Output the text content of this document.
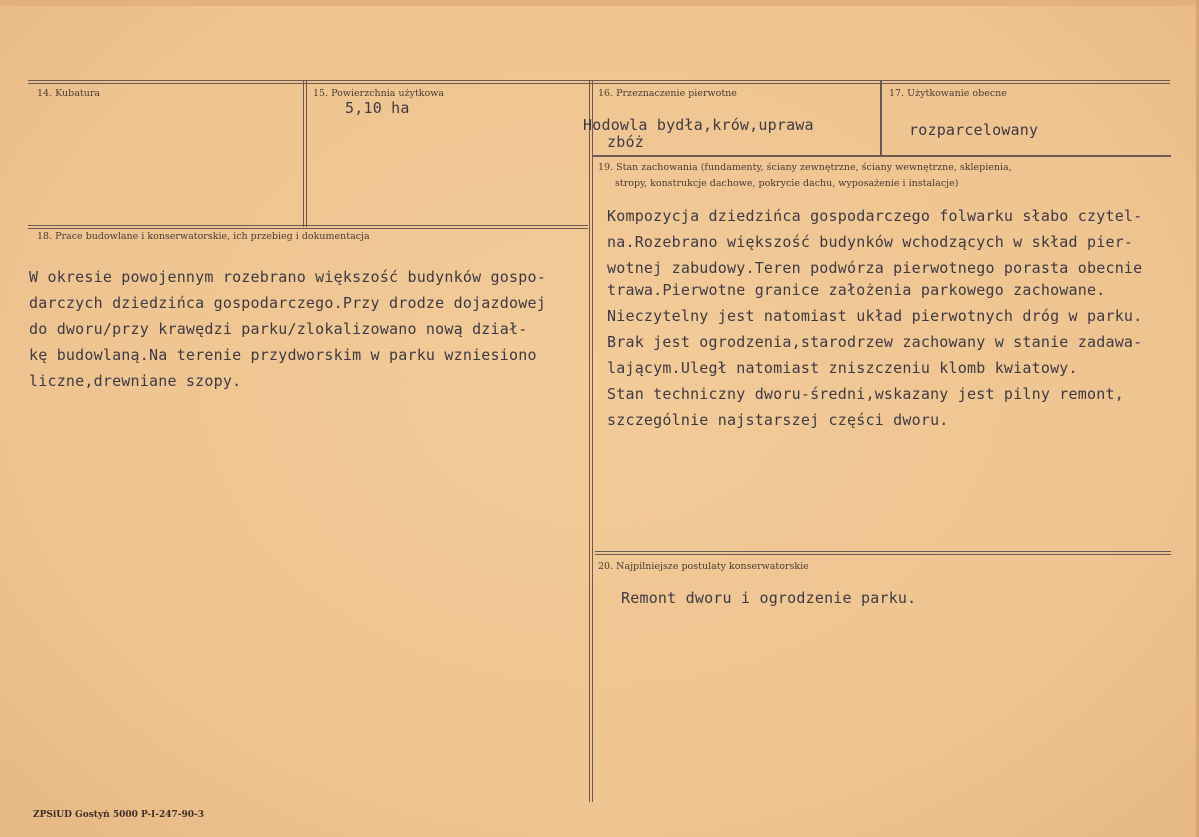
14. Kubatura	15. Powierzchnia użytkowa
5,10 ha
16. Przeznaczenie pierwotne
Hodowla bydła,krów,uprawa
zbóż
17. Użytkowanie obecne
rozparcelowany
18. Prace budowlane i konserwatorskie, ich przebieg i dokumentacja
W okresie powojennym rozebrano większość budynków gospo-
darczych dziedzińca gospodarczego.Przy drodze dojazdowej
do dworu/przy krawędzi parku/zlokalizowano nową dział-
kę budowlaną.Na terenie przydworskim w parku wzniesiono
liczne,drewniane szopy.
19. Stan zachowania (fundamenty, ściany zewnętrzne, ściany wewnętrzne, sklepienia,
stropy, konstrukcje dachowe, pokrycie dachu, wyposażenie i instalacje)
Kompozycja dziedzińca gospodarczego folwarku słabo czytel-
na.Rozebrano większość budynków wchodzących w skład pier-
wotnej zabudowy.Teren podwórza pierwotnego porasta obecnie
trawa.Pierwotne granice założenia parkowego zachowane.
Nieczytelny jest natomiast układ pierwotnych dróg w parku.
Brak jest ogrodzenia,starodrzew zachowany w stanie zadawa-
lającym.Uległ natomiast zniszczeniu klomb kwiatowy.
Stan techniczny dworu-średni,wskazany jest pilny remont,
szczególnie najstarszej części dworu.
20. Najpilniejsze postulaty konserwatorskie
Remont dworu i ogrodzenie parku.
ZPSiUD Gostyń 5000 P-I-247-90-3
